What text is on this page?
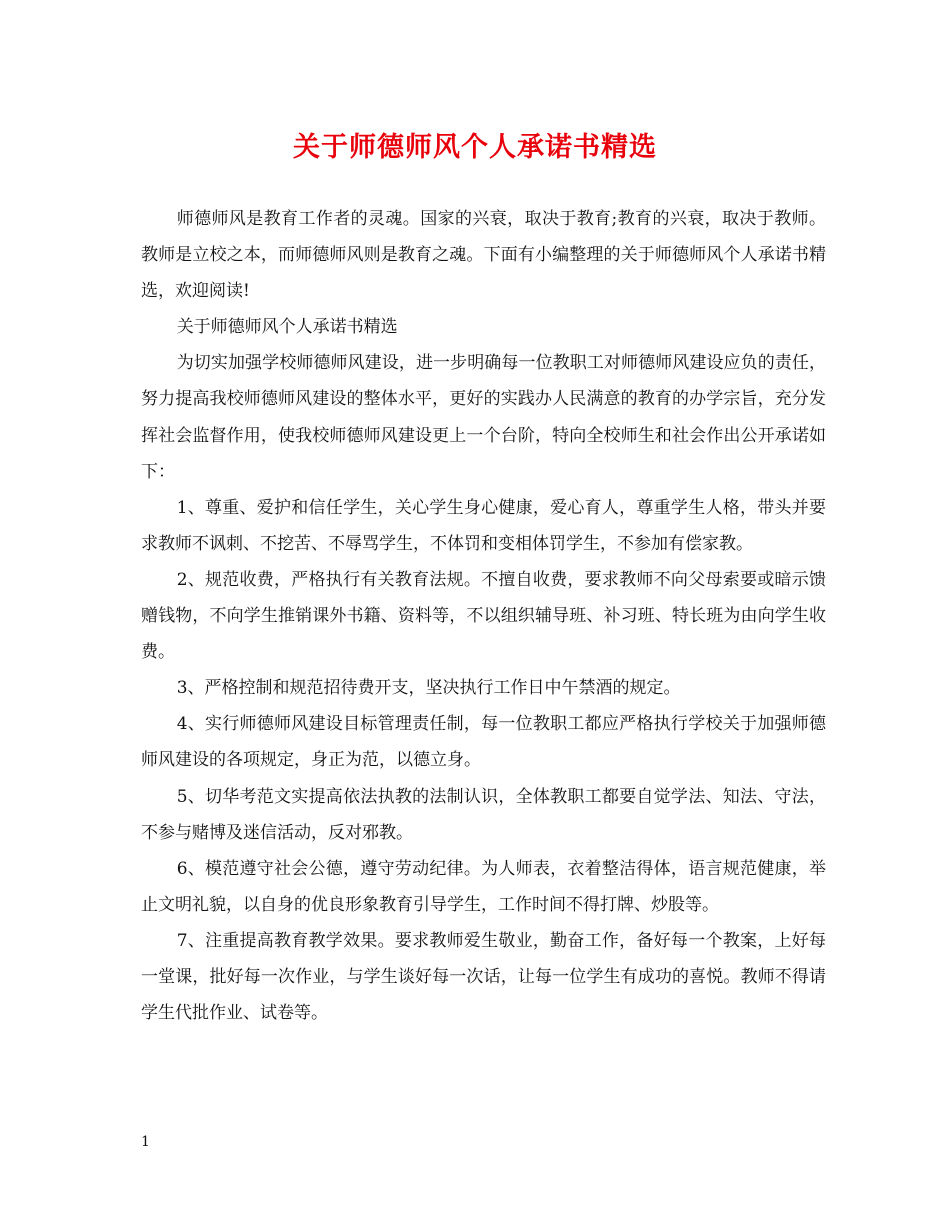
关于师德师风个人承诺书精选

师德师风是教育工作者的灵魂。国家的兴衰，取决于教育;教育的兴衰，取决于教师。 教师是立校之本，而师德师风则是教育之魂。下面有小编整理的关于师德师风个人承诺书精选，欢迎阅读!

关于师德师风个人承诺书精选

为切实加强学校师德师风建设，进一步明确每一位教职工对师德师风建设应负的责任，努力提高我校师德师风建设的整体水平，更好的实践办人民满意的教育的办学宗旨，充分发挥社会监督作用，使我校师德师风建设更上一个台阶，特向全校师生和社会作出公开承诺如下：

1、尊重、爱护和信任学生，关心学生身心健康，爱心育人，尊重学生人格，带头并要求教师不讽刺、不挖苦、不辱骂学生，不体罚和变相体罚学生，不参加有偿家教。

2、规范收费，严格执行有关教育法规。不擅自收费，要求教师不向父母索要或暗示馈赠钱物，不向学生推销课外书籍、资料等，不以组织辅导班、补习班、特长班为由向学生收费。

3、严格控制和规范招待费开支，坚决执行工作日中午禁酒的规定。

4、实行师德师风建设目标管理责任制，每一位教职工都应严格执行学校关于加强师德师风建设的各项规定，身正为范，以德立身。

5、切华考范文实提高依法执教的法制认识，全体教职工都要自觉学法、知法、守法，不参与赌博及迷信活动，反对邪教。

6、模范遵守社会公德，遵守劳动纪律。为人师表，衣着整洁得体，语言规范健康，举止文明礼貌，以自身的优良形象教育引导学生，工作时间不得打牌、炒股等。

7、注重提高教育教学效果。要求教师爱生敬业，勤奋工作，备好每一个教案，上好每一堂课，批好每一次作业，与学生谈好每一次话，让每一位学生有成功的喜悦。教师不得请学生代批作业、试卷等。

1
